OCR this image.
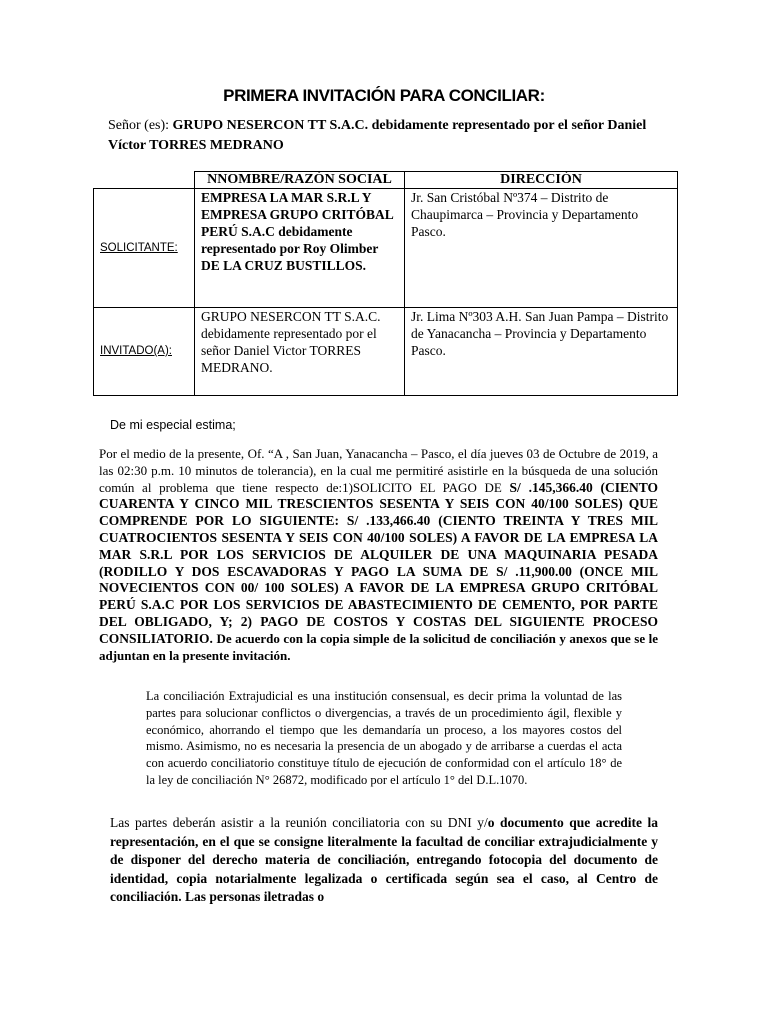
PRIMERA INVITACIÓN PARA CONCILIAR:
Señor (es): GRUPO NESERCON TT S.A.C. debidamente representado por el señor Daniel Víctor TORRES MEDRANO
	NNOMBRE/RAZÓN SOCIAL	DIRECCIÓN
SOLICITANTE:	EMPRESA LA MAR S.R.L Y EMPRESA GRUPO CRITÓBAL PERÚ S.A.C debidamente representado por Roy Olimber DE LA CRUZ BUSTILLOS.	Jr. San Cristóbal Nº374 – Distrito de Chaupimarca – Provincia y Departamento Pasco.
INVITADO(A):	GRUPO NESERCON TT S.A.C. debidamente representado por el señor Daniel Victor TORRES MEDRANO.	Jr. Lima Nº303 A.H. San Juan Pampa – Distrito de Yanacancha – Provincia y Departamento Pasco.
De mi especial estima;
Por el medio de la presente, Of. “A , San Juan, Yanacancha – Pasco, el día jueves 03 de Octubre de 2019, a las 02:30 p.m. 10 minutos de tolerancia), en la cual me permitiré asistirle en la búsqueda de una solución común al problema que tiene respecto de:1)SOLICITO EL PAGO DE S/ .145,366.40 (CIENTO CUARENTA Y CINCO MIL TRESCIENTOS SESENTA Y SEIS CON 40/100 SOLES) QUE COMPRENDE POR LO SIGUIENTE: S/ .133,466.40 (CIENTO TREINTA Y TRES MIL CUATROCIENTOS SESENTA Y SEIS CON 40/100 SOLES) A FAVOR DE LA EMPRESA LA MAR S.R.L POR LOS SERVICIOS DE ALQUILER DE UNA MAQUINARIA PESADA (RODILLO Y DOS ESCAVADORAS Y PAGO LA SUMA DE S/ .11,900.00 (ONCE MIL NOVECIENTOS CON 00/ 100 SOLES) A FAVOR DE LA EMPRESA GRUPO CRITÓBAL PERÚ S.A.C POR LOS SERVICIOS DE ABASTECIMIENTO DE CEMENTO, POR PARTE DEL OBLIGADO, Y; 2) PAGO DE COSTOS Y COSTAS DEL SIGUIENTE PROCESO CONSILIATORIO. De acuerdo con la copia simple de la solicitud de conciliación y anexos que se le adjuntan en la presente invitación.
La conciliación Extrajudicial es una institución consensual, es decir prima la voluntad de las partes para solucionar conflictos o divergencias, a través de un procedimiento ágil, flexible y económico, ahorrando el tiempo que les demandaría un proceso, a los mayores costos del mismo. Asimismo, no es necesaria la presencia de un abogado y de arribarse a cuerdas el acta con acuerdo conciliatorio constituye título de ejecución de conformidad con el artículo 18° de la ley de conciliación N° 26872, modificado por el artículo 1° del D.L.1070.
Las partes deberán asistir a la reunión conciliatoria con su DNI y/o documento que acredite la representación, en el que se consigne literalmente la facultad de conciliar extrajudicialmente y de disponer del derecho materia de conciliación, entregando fotocopia del documento de identidad, copia notarialmente legalizada o certificada según sea el caso, al Centro de conciliación. Las personas iletradas o
